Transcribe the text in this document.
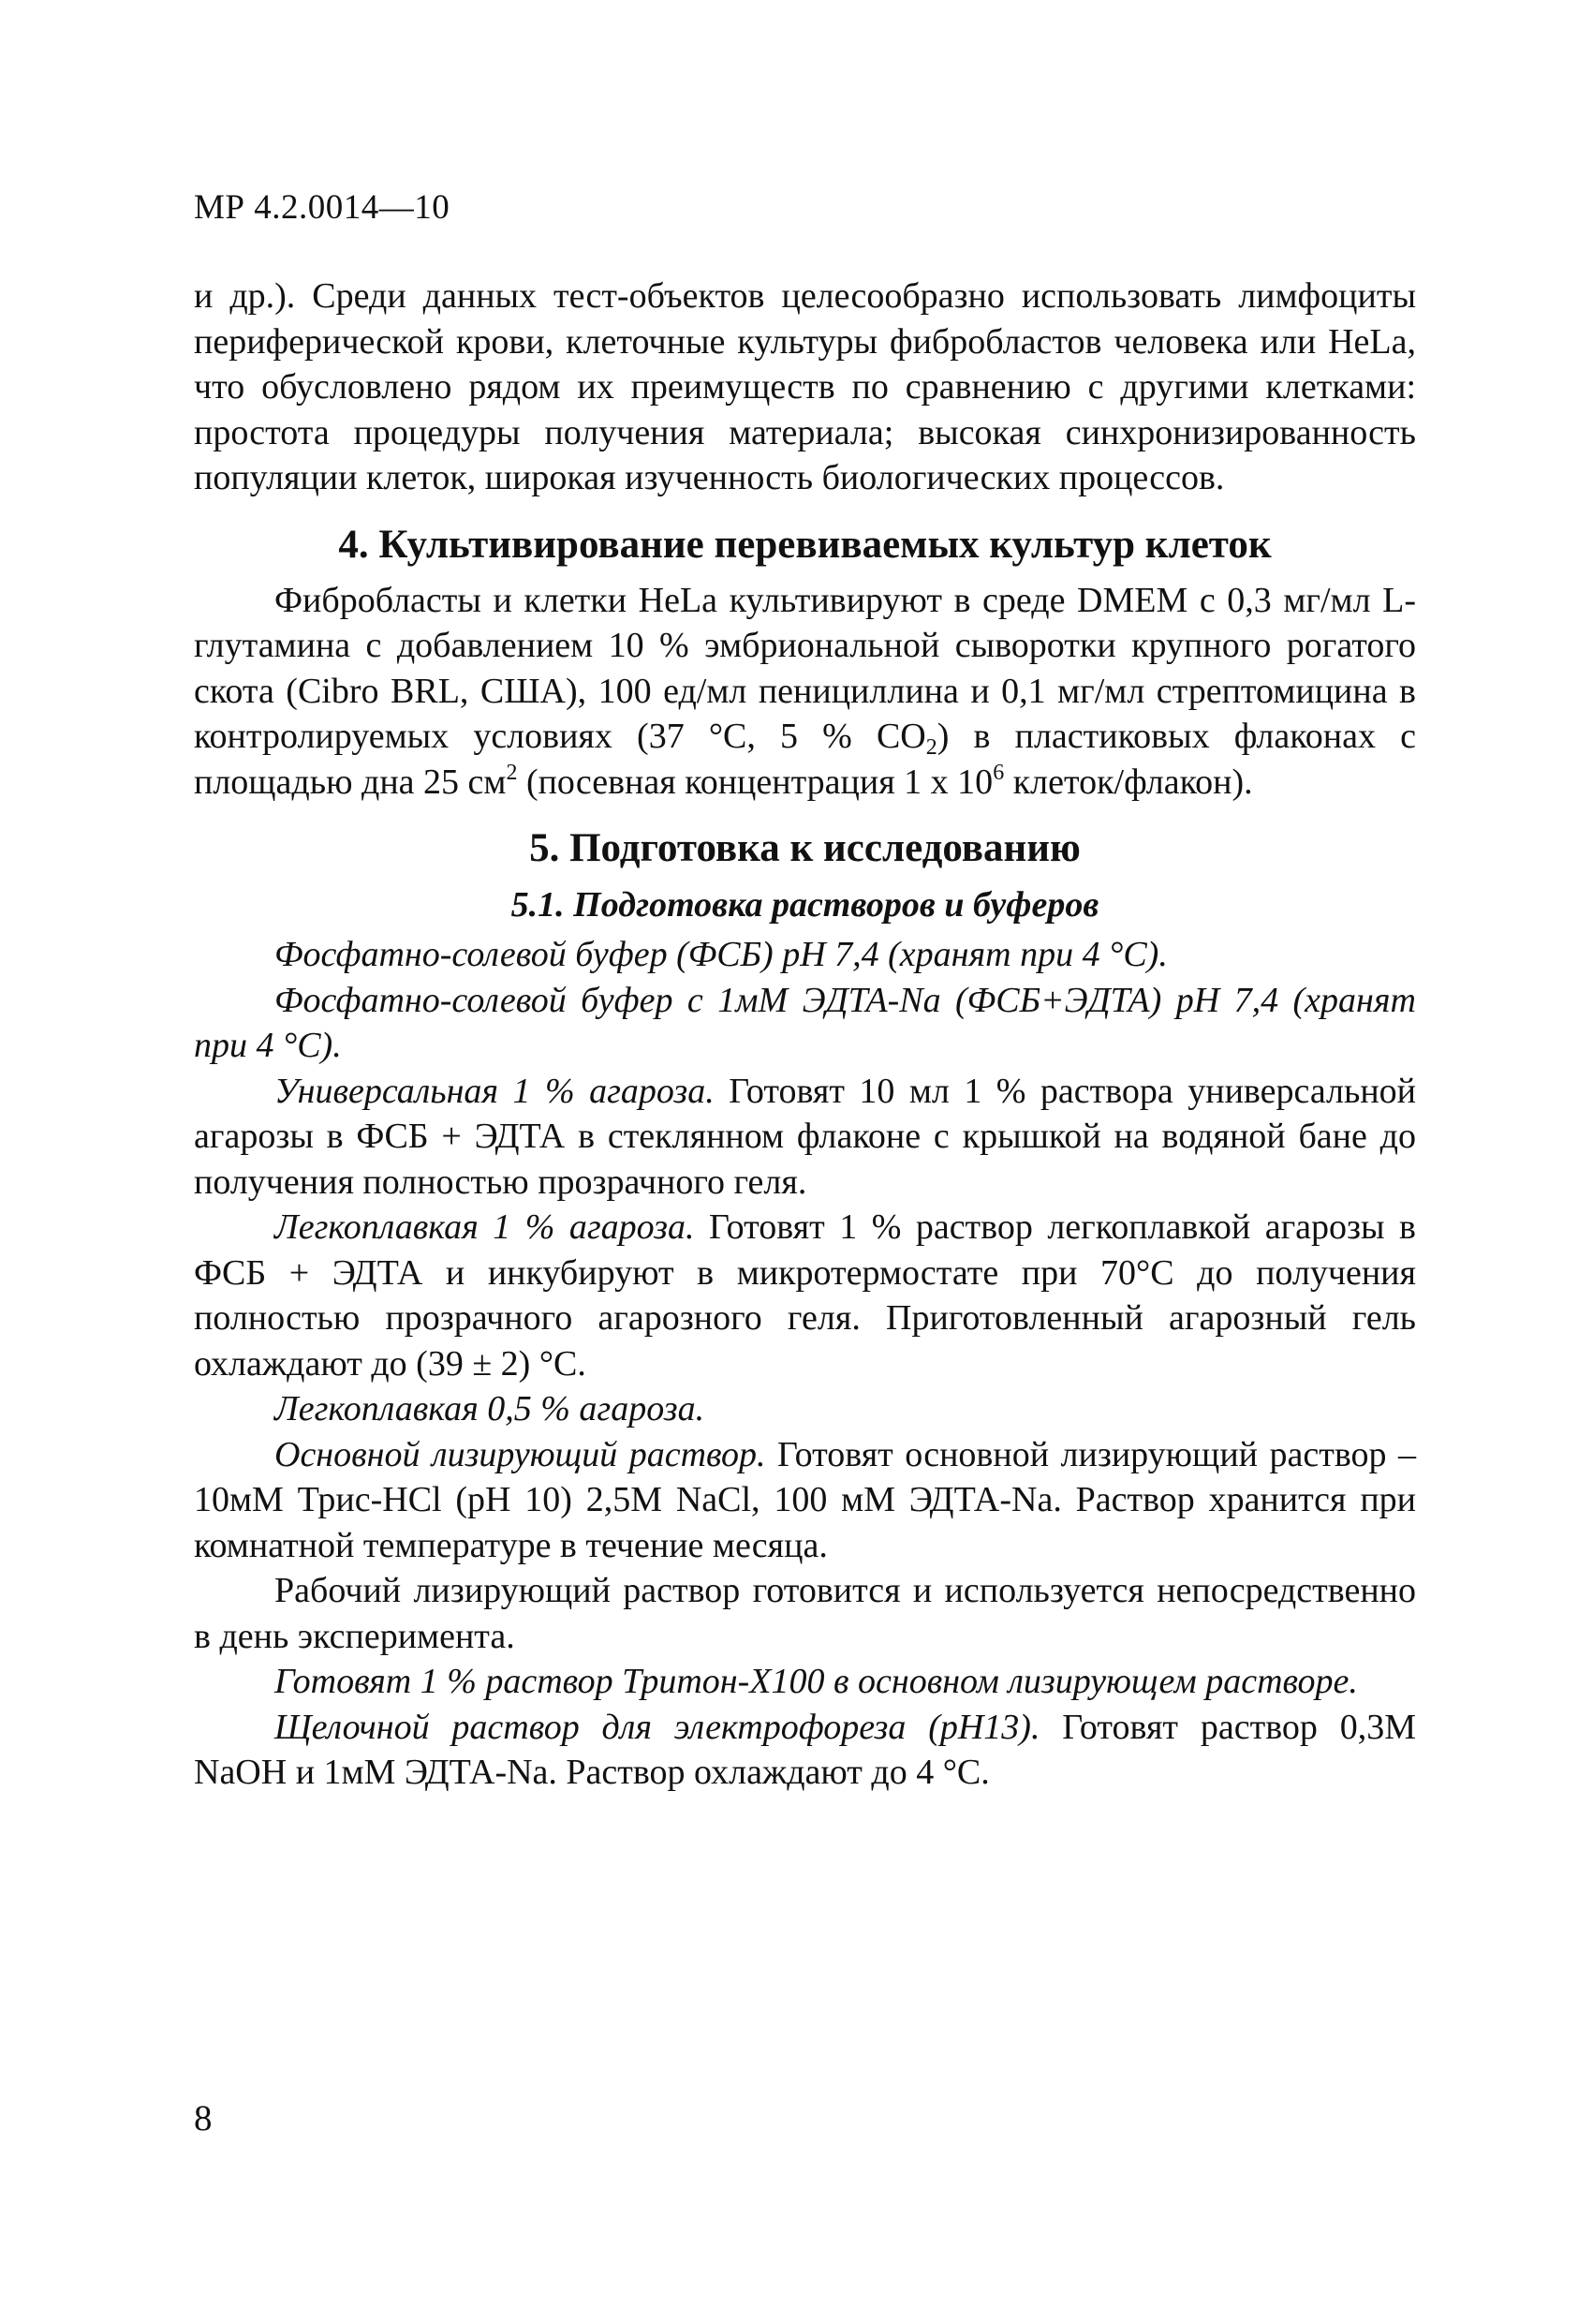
МР 4.2.0014—10

и др.). Среди данных тест-объектов целесообразно использовать лимфоциты периферической крови, клеточные культуры фибробластов человека или HeLa, что обусловлено рядом их преимуществ по сравнению с другими клетками: простота процедуры получения материала; высокая синхронизированность популяции клеток, широкая изученность биологических процессов.

4. Культивирование перевиваемых культур клеток

Фибробласты и клетки HeLa культивируют в среде DMEM с 0,3 мг/мл L-глутамина с добавлением 10 % эмбриональной сыворотки крупного рогатого скота (Cibro BRL, США), 100 ед/мл пенициллина и 0,1 мг/мл стрептомицина в контролируемых условиях (37 °С, 5 % $СО_2$) в пластиковых флаконах с площадью дна 25 $см^2$ (посевная концентрация 1 х $10^6$ клеток/флакон).

5. Подготовка к исследованию
5.1. Подготовка растворов и буферов

Фосфатно-солевой буфер (ФСБ) pH 7,4 (хранят при 4 °С).

Фосфатно-солевой буфер с 1мМ ЭДТА-Na (ФСБ+ЭДТА) pH 7,4 (хранят при 4 °С).

Универсальная 1 % агароза. Готовят 10 мл 1 % раствора универсальной агарозы в ФСБ + ЭДТА в стеклянном флаконе с крышкой на водяной бане до получения полностью прозрачного геля.

Легкоплавкая 1 % агароза. Готовят 1 % раствор легкоплавкой агарозы в ФСБ + ЭДТА и инкубируют в микротермостате при 70°С до получения полностью прозрачного агарозного геля. Приготовленный агарозный гель охлаждают до (39 ± 2) °С.

Легкоплавкая 0,5 % агароза.

Основной лизирующий раствор. Готовят основной лизирующий раствор – 10мМ Трис-HCl (pH 10) 2,5М NaCl, 100 мМ ЭДТА-Na. Раствор хранится при комнатной температуре в течение месяца.

Рабочий лизирующий раствор готовится и используется непосредственно в день эксперимента.

Готовят 1 % раствор Тритон-Х100 в основном лизирующем растворе.

Щелочной раствор для электрофореза (pH13). Готовят раствор 0,3М NaOH и 1мМ ЭДТА-Na. Раствор охлаждают до 4 °С.

8
